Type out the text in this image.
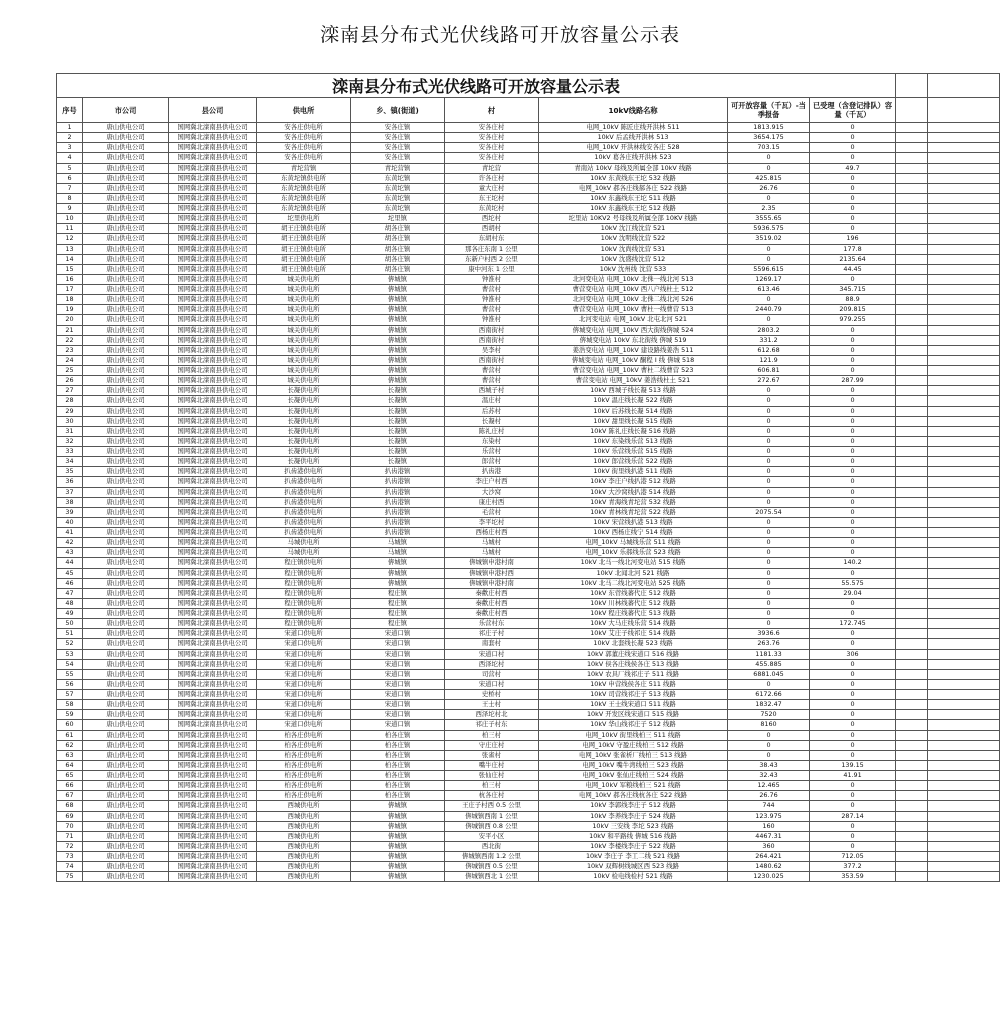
滦南县分布式光伏线路可开放容量公示表
滦南县分布式光伏线路可开放容量公示表										
序号	市公司	县公司	供电所	乡、镇(街道)	村	10kV线路名称	可开放容量（千瓦）-当季报备	已受理（含登记排队）容量（千瓦）		
1	唐山供电公司	国网冀北滦南县供电公司	安各庄供电所	安各庄镇	安各庄村	电网_10kV 陈匠庄线开洪林 511	1813.915	0		
2	唐山供电公司	国网冀北滦南县供电公司	安各庄供电所	安各庄镇	安各庄村	10kV 后孟线开洪林 513	3654.175	0		
3	唐山供电公司	国网冀北滦南县供电公司	安各庄供电所	安各庄镇	安各庄村	电网_10kV 开洪林线安各庄 528	703.15	0		
4	唐山供电公司	国网冀北滦南县供电公司	安各庄供电所	安各庄镇	安各庄村	10kV 葛各庄线开洪林 523	0	0		
5	唐山供电公司	国网冀北滦南县供电公司	青坨营镇	青坨营镇	青坨营	青南站 10kV 母线及所属全部 10kV 线路	0	49.7		
6	唐山供电公司	国网冀北滦南县供电公司	东黄坨镇供电所	东黄坨镇	许各庄村	10kV 东黄线东王坨 532 线路	425.815	0		
7	唐山供电公司	国网冀北滦南县供电公司	东黄坨镇供电所	东黄坨镇	童大庄村	电网_10kV 郝各庄线郝各庄 522 线路	26.76	0		
8	唐山供电公司	国网冀北滦南县供电公司	东黄坨镇供电所	东黄坨镇	东王坨村	10kV 东鑫线东王坨 511 线路	0	0		
9	唐山供电公司	国网冀北滦南县供电公司	东黄坨镇供电所	东黄坨镇	东黄坨村	10kV 东鑫线东王坨 512 线路	2.35	0		
10	唐山供电公司	国网冀北滦南县供电公司	坨里供电所	坨里镇	西坨村	坨里站 10KV2 号母线及所属全部 10KV 线路	3555.65	0		
11	唐山供电公司	国网冀北滦南县供电公司	胡王庄镇供电所	胡各庄镇	西胡村	10kV 沈江线沈营 521	5936.575	0		
12	唐山供电公司	国网冀北滦南县供电公司	胡王庄镇供电所	胡各庄镇	东胡村东	10kV 沈明线沈营 522	3519.02	196		
13	唐山供电公司	国网冀北滦南县供电公司	胡王庄镇供电所	胡各庄镇	那各庄东南 1 公里	10kV 沈尚线沈营 531	0	177.8		
14	唐山供电公司	国网冀北滦南县供电公司	胡王庄镇供电所	胡各庄镇	东新户村西 2 公里	10kV 沈盛线沈营 512	0	2135.64		
15	唐山供电公司	国网冀北滦南县供电公司	胡王庄镇供电所	胡各庄镇	康中河东 1 公里	10kV 沈州线 沈营 533	5596.615	44.45		
16	唐山供电公司	国网冀北滦南县供电公司	城关供电所	倴城镇	钟淮村	北河变电站 电网_10kV 北侏一线北河 513	1269.17	0		
17	唐山供电公司	国网冀北滦南县供电公司	城关供电所	倴城镇	曹营村	曹营变电站 电网_10kV 西八户线杜土 512	613.46	345.715		
18	唐山供电公司	国网冀北滦南县供电公司	城关供电所	倴城镇	钟淮村	北河变电站 电网_10kV 北侏二线北河 526	0	88.9		
19	唐山供电公司	国网冀北滦南县供电公司	城关供电所	倴城镇	曹营村	曹营变电站 电网_10kV 曹杜一线曹营 513	2440.79	209.815		
20	唐山供电公司	国网冀北滦南县供电公司	城关供电所	倴城镇	钟淮村	北河变电站 电网_10kV 北屯北河 521	0	979.255		
21	唐山供电公司	国网冀北滦南县供电公司	城关供电所	倴城镇	西南街村	倴城变电站 电网_10kV 西大街线倴城 524	2803.2	0		
22	唐山供电公司	国网冀北滦南县供电公司	城关供电所	倴城镇	西南街村	倴城变电站 10kV 东北街线 倴城 519	331.2	0		
23	唐山供电公司	国网冀北滦南县供电公司	城关供电所	倴城镇	吴李村	姜浩变电站 电网_10kV 建设路线姜浩 511	612.68	0		
24	唐山供电公司	国网冀北滦南县供电公司	城关供电所	倴城镇	西南街村	倴城变电站 电网_10kV 酮程 I 线 倴城 518	121.9	0		
25	唐山供电公司	国网冀北滦南县供电公司	城关供电所	倴城镇	曹营村	曹营变电站 电网_10kV 曹杜二线曹营 523	606.81	0		
26	唐山供电公司	国网冀北滦南县供电公司	城关供电所	倴城镇	曹营村	曹营变电站 电网_10kV 姜浩线杜土 521	272.67	287.99		
27	唐山供电公司	国网冀北滦南县供电公司	长凝供电所	长凝镇	西城子村	10kV 西城子线长凝 513 线路	0	0		
28	唐山供电公司	国网冀北滦南县供电公司	长凝供电所	长凝镇	温庄村	10kV 温庄线长凝 522 线路	0	0		
29	唐山供电公司	国网冀北滦南县供电公司	长凝供电所	长凝镇	后苏村	10kV 后苏线长凝 514 线路	0	0		
30	唐山供电公司	国网冀北滦南县供电公司	长凝供电所	长凝镇	长凝村	10kV 甜里线长凝 515 线路	0	0		
31	唐山供电公司	国网冀北滦南县供电公司	长凝供电所	长凝镇	陈礼庄村	10kV 陈礼庄线长凝 516 线路	0	0		
32	唐山供电公司	国网冀北滦南县供电公司	长凝供电所	长凝镇	东染村	10kV 东染线乐营 513 线路	0	0		
33	唐山供电公司	国网冀北滦南县供电公司	长凝供电所	长凝镇	乐营村	10kV 乐营线乐营 515 线路	0	0		
34	唐山供电公司	国网冀北滦南县供电公司	长凝供电所	长凝镇	郎营村	10kV 郎营线乐营 522 线路	0	0		
35	唐山供电公司	国网冀北滦南县供电公司	扒齿港供电所	扒齿港镇	扒齿港	10kV 街里线扒港 511 线路	0	0		
36	唐山供电公司	国网冀北滦南县供电公司	扒齿港供电所	扒齿港镇	李庄户村西	10kV 李庄户线扒港 512 线路	0	0		
37	唐山供电公司	国网冀北滦南县供电公司	扒齿港供电所	扒齿港镇	大沙窝	10kV 大沙窝线扒港 514 线路	0	0		
38	唐山供电公司	国网冀北滦南县供电公司	扒齿港供电所	扒齿港镇	康庄村西	10kV 青海线青坨营 532 线路	0	0		
39	唐山供电公司	国网冀北滦南县供电公司	扒齿港供电所	扒齿港镇	毛营村	10kV 青林线青坨营 522 线路	2075.54	0		
40	唐山供电公司	国网冀北滦南县供电公司	扒齿港供电所	扒齿港镇	李平坨村	10kV 宋营线扒港 513 线路	0	0		
41	唐山供电公司	国网冀北滦南县供电公司	扒齿港供电所	扒齿港镇	西杨庄村西	10kV 西杨庄线宁 514 线路	0	0		
42	唐山供电公司	国网冀北滦南县供电公司	马城供电所	马城镇	马城村	电网_10kV 马城线乐营 511 线路	0	0		
43	唐山供电公司	国网冀北滦南县供电公司	马城供电所	马城镇	马城村	电网_10kV 乐郝线乐营 523 线路	0	0		
44	唐山供电公司	国网冀北滦南县供电公司	程庄镇供电所	倴城镇	倴城镇申港村南	10kV 北马一线北河变电站 515 线路	0	140.2		
45	唐山供电公司	国网冀北滦南县供电公司	程庄镇供电所	倴城镇	倴城镇申港村西	10kV 北闻北河 521 线路	0	0		
46	唐山供电公司	国网冀北滦南县供电公司	程庄镇供电所	倴城镇	倴城镇申港村南	10kV 北马二线北河变电站 525 线路	0	55.575		
47	唐山供电公司	国网冀北滦南县供电公司	程庄镇供电所	程庄镇	秦歡庄村西	10kV 东菅线蕃代庄 512 线路	0	29.04		
48	唐山供电公司	国网冀北滦南县供电公司	程庄镇供电所	程庄镇	秦歡庄村西	10kV 川林线蕃代庄 512 线路	0	0		
49	唐山供电公司	国网冀北滦南县供电公司	程庄镇供电所	程庄镇	秦歡庄村西	10kV 程庄线蕃代庄 513 线路	0	0		
50	唐山供电公司	国网冀北滦南县供电公司	程庄镇供电所	程庄镇	乐营村东	10kV 大马庄线乐营 514 线路	0	172.745		
51	唐山供电公司	国网冀北滦南县供电公司	宋道口供电所	宋道口镇	祁庄子村	10kV 艾庄子线祁庄 514 线路	3936.6	0		
52	唐山供电公司	国网冀北滦南县供电公司	宋道口供电所	宋道口镇	南套村	10kV 北套线长凝 523 线路	263.76	0		
53	唐山供电公司	国网冀北滦南县供电公司	宋道口供电所	宋道口镇	宋道口村	10kV 郭董庄线宋道口 516 线路	1181.33	306		
54	唐山供电公司	国网冀北滦南县供电公司	宋道口供电所	宋道口镇	西泽坨村	10kV 侯各庄线侯各庄 513 线路	455.885	0		
55	唐山供电公司	国网冀北滦南县供电公司	宋道口供电所	宋道口镇	司营村	10kV 农具厂线祁庄子 511 线路	6881.045	0		
56	唐山供电公司	国网冀北滦南县供电公司	宋道口供电所	宋道口镇	宋道口村	10kV 申营线侯各庄 511 线路	0	0		
57	唐山供电公司	国网冀北滦南县供电公司	宋道口供电所	宋道口镇	史桥村	10kV 司营线祁庄子 513 线路	6172.66	0		
58	唐山供电公司	国网冀北滦南县供电公司	宋道口供电所	宋道口镇	王士村	10kV 王士线宋道口 511 线路	1832.47	0		
59	唐山供电公司	国网冀北滦南县供电公司	宋道口供电所	宋道口镇	西泽坨村北	10kV 开发区线宋道口 515 线路	7520	0		
60	唐山供电公司	国网冀北滦南县供电公司	宋道口供电所	宋道口镇	祁庄子村东	10kV 华山线祁庄子 512 线路	8160	0		
61	唐山供电公司	国网冀北滦南县供电公司	柏各庄供电所	柏各庄镇	柏三村	电网_10kV 街里线柏三 511 线路	0	0		
62	唐山供电公司	国网冀北滦南县供电公司	柏各庄供电所	柏各庄镇	守庄庄村	电网_10kV 守盈庄线柏三 512 线路	0	0		
63	唐山供电公司	国网冀北滦南县供电公司	柏各庄供电所	柏各庄镇	张雀村	电网_10kV 张雀析厂线柏三 513 线路	0	0		
64	唐山供电公司	国网冀北滦南县供电公司	柏各庄供电所	柏各庄镇	嘴牛庄村	电网_10kV 嘴牛湾线柏三 523 线路	38.43	139.15		
65	唐山供电公司	国网冀北滦南县供电公司	柏各庄供电所	柏各庄镇	张仙庄村	电网_10kV 张仙庄线柏三 524 线路	32.43	41.91		
66	唐山供电公司	国网冀北滦南县供电公司	柏各庄供电所	柏各庄镇	柏三村	电网_10kV 军粮线柏三 521 线路	12.465	0		
67	唐山供电公司	国网冀北滦南县供电公司	柏各庄供电所	柏各庄镇	杭各庄村	电网_10kV 郝各庄线杭各庄 522 线路	26.76	0		
68	唐山供电公司	国网冀北滦南县供电公司	西城供电所	倴城镇	王庄子村西 0.5 公里	10kV 李郭线李庄子 512 线路	744	0		
69	唐山供电公司	国网冀北滦南县供电公司	西城供电所	倴城镇	倴城镇西南 1 公里	10kV 李养线李庄子 524 线路	123.975	287.14		
70	唐山供电公司	国网冀北滦南县供电公司	西城供电所	倴城镇	倴城镇西 0.8 公里	10kV 三安线 李坨 523 线路	160	0		
71	唐山供电公司	国网冀北滦南县供电公司	西城供电所	倴城镇	安平小区	10kV 和平路线 倴城 516 线路	4467.31	0		
72	唐山供电公司	国网冀北滦南县供电公司	西城供电所	倴城镇	西北街	10kV 李楼线李庄子 522 线路	360	0		
73	唐山供电公司	国网冀北滦南县供电公司	西城供电所	倴城镇	倴城镇西南 1.2 公里	10kV 李庄子 李工二线 521 线路	264.421	712.05		
74	唐山供电公司	国网冀北滦南县供电公司	西城供电所	倴城镇	倴城镇西 0.5 公里	10kV 双辉树线城区西 523 线路	1480.62	377.2		
75	唐山供电公司	国网冀北滦南县供电公司	西城供电所	倴城镇	倴城镇西北 1 公里	10kV 检电线检村 521 线路	1230.025	353.59		
